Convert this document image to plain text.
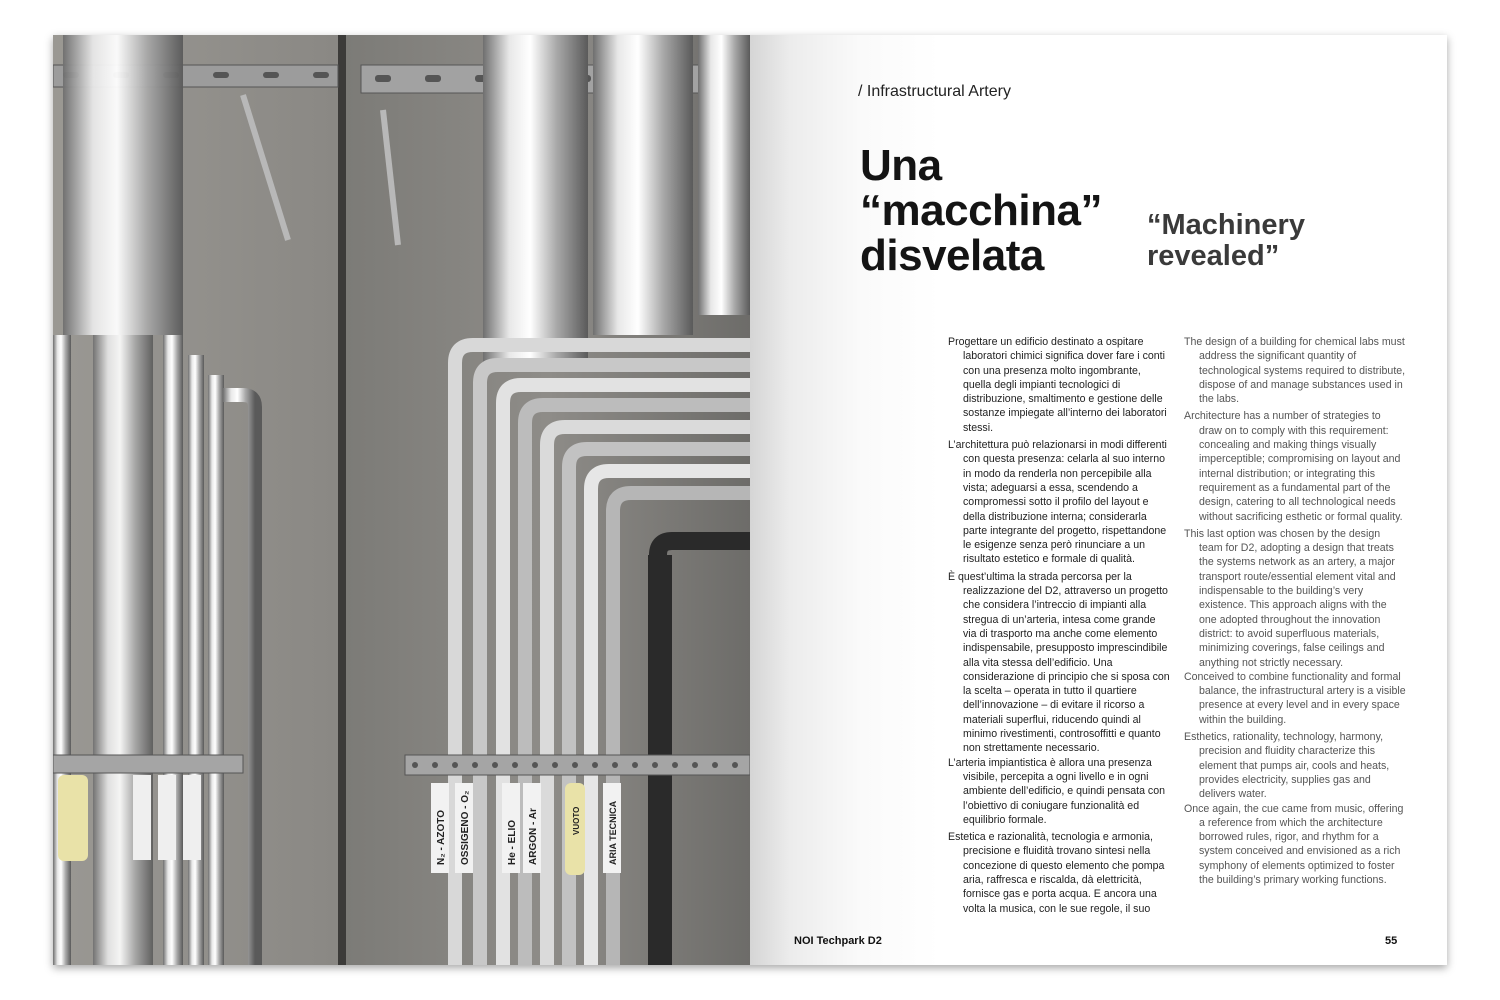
N₂ - AZOTO OSSIGENO - O₂	He - ELIO ARGON - Ar	VUOTO	ARIA TECNICA
/ Infrastructural Artery
Una
“macchina”
disvelata
“Machinery
revealed”

Progettare un edificio destinato a ospitare laboratori chimici significa dover fare i conti con una presenza molto ingombrante, quella degli impianti tecnologici di distribuzione, smaltimento e gestione delle sostanze impiegate all’interno dei laboratori stessi.

L’architettura può relazionarsi in modi differenti con questa presenza: celarla al suo interno in modo da renderla non percepibile alla vista; adeguarsi a essa, scendendo a compromessi sotto il profilo del layout e della distribuzione interna; considerarla parte integrante del progetto, rispettandone le esigenze senza però rinunciare a un risultato estetico e formale di qualità.

È quest’ultima la strada percorsa per la realizzazione del D2, attraverso un progetto che considera l’intreccio di impianti alla stregua di un’arteria, intesa come grande via di trasporto ma anche come elemento indispensabile, presupposto imprescindibile alla vita stessa dell’edificio. Una considerazione di principio che si sposa con la scelta – operata in tutto il quartiere dell’innovazione – di evitare il ricorso a materiali superflui, riducendo quindi al minimo rivestimenti, controsoffitti e quanto non strettamente necessario.

L’arteria impiantistica è allora una presenza visibile, percepita a ogni livello e in ogni ambiente dell’edificio, e quindi pensata con l’obiettivo di coniugare funzionalità ed equilibrio formale.

Estetica e razionalità, tecnologia e armonia, precisione e fluidità trovano sintesi nella concezione di questo elemento che pompa aria, raffresca e riscalda, dà elettricità, fornisce gas e porta acqua. E ancora una volta la musica, con le sue regole, il suo

The design of a building for chemical labs must address the significant quantity of technological systems required to distribute, dispose of and manage substances used in the labs.

Architecture has a number of strategies to draw on to comply with this requirement: concealing and making things visually imperceptible; compromising on layout and internal distribution; or integrating this requirement as a fundamental part of the design, catering to all technological needs without sacrificing esthetic or formal quality.

This last option was chosen by the design team for D2, adopting a design that treats the systems network as an artery, a major transport route/essential element vital and indispensable to the building’s very existence. This approach aligns with the one adopted throughout the innovation district: to avoid superfluous materials, minimizing coverings, false ceilings and anything not strictly necessary.

Conceived to combine functionality and formal balance, the infrastructural artery is a visible presence at every level and in every space within the building.

Esthetics, rationality, technology, harmony, precision and fluidity characterize this element that pumps air, cools and heats, provides electricity, supplies gas and delivers water.

Once again, the cue came from music, offering a reference from which the architecture borrowed rules, rigor, and rhythm for a system conceived and envisioned as a rich symphony of elements optimized to foster the building’s primary working functions.

NOI Techpark D2	55
